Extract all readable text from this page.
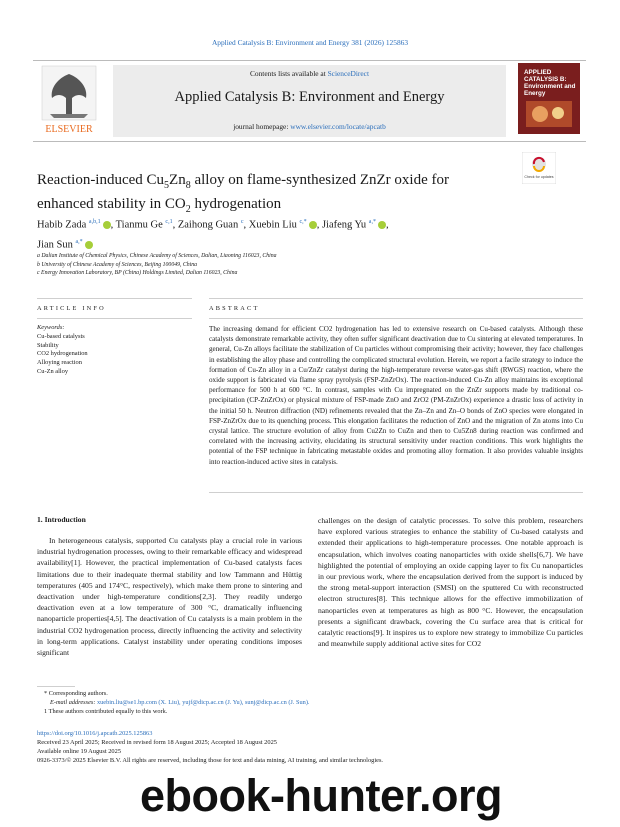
Applied Catalysis B: Environment and Energy 381 (2026) 125863
Contents lists available at ScienceDirect
Applied Catalysis B: Environment and Energy
journal homepage: www.elsevier.com/locate/apcatb
ELSEVIER
APPLIED CATALYSIS B: Environment and Energy
Check for updates
Reaction-induced $Cu_5Zn_8$ alloy on flame-synthesized ZnZr oxide for
enhanced stability in $CO_2$ hydrogenation
Habib Zada $^{a,b,1}$ , Tianmu Ge $^{c,1}$, Zaihong Guan $^c$, Xuebin Liu $^{c,*}$ , Jiafeng Yu $^{a,*}$ ,
Jian Sun $^{a,*}$
a Dalian Institute of Chemical Physics, Chinese Academy of Sciences, Dalian, Liaoning 116023, China
b University of Chinese Academy of Sciences, Beijing 100049, China
c Energy Innovation Laboratory, BP (China) Holdings Limited, Dalian 116023, China
ARTICLE INFO	ABSTRACT
Keywords:
Cu-based catalysts
Stability
CO2 hydrogenation
Alloying reaction
Cu-Zn alloy
The increasing demand for efficient CO2 hydrogenation has led to extensive research on Cu-based catalysts. Although these catalysts demonstrate remarkable activity, they often suffer significant deactivation due to Cu sintering at elevated temperatures. In general, Cu-Zn alloys facilitate the stabilization of Cu particles without compromising their activity; however, they face challenges in establishing the alloy phase and controlling the complicated structural evolution. Herein, we report a facile strategy to induce the formation of Cu-Zn alloy in a Cu/ZnZr catalyst during the high-temperature reverse water-gas shift (RWGS) reaction, where the oxide support is fabricated via flame spray pyrolysis (FSP-ZnZrOx). The reaction-induced Cu-Zn alloy maintains its exceptional performance for 500 h at 600 °C. In contrast, samples with Cu impregnated on the ZnZr supports made by traditional co-precipitation (CP-ZnZrOx) or physical mixture of FSP-made ZnO and ZrO2 (PM-ZnZrOx) experience a drastic loss of activity in the initial 50 h. Neutron diffraction (ND) refinements revealed that the Zn–Zn and Zn–O bonds of ZnO species were elongated in FSP-ZnZrOx due to its quenching process. This elongation facilitates the reduction of ZnO and the migration of Zn atoms into Cu crystal lattice. The structure evolution of alloy from Cu2Zn to CuZn and then to Cu5Zn8 during reaction was confirmed and correlated with the increasing activity, elucidating its structural sensitivity under reaction conditions. This work highlights the potential of the FSP technique in fabricating metastable oxides and promoting alloy formation. It also provides valuable insights into reaction-induced active sites in catalysis.
1. Introduction
In heterogeneous catalysis, supported Cu catalysts play a crucial role in various industrial hydrogenation processes, owing to their remarkable efficacy and widespread availability[1]. However, the practical implementation of Cu-based catalysts faces limitations due to their inadequate thermal stability and low Tammann and Hüttig temperatures (405 and 174°C, respectively), which make them prone to sintering and deactivation under high-temperature conditions[2,3]. They readily undergo deactivation even at a low temperature of 300 °C, dramatically influencing nanoparticle properties[4,5]. The deactivation of Cu catalysts is a main problem in the industrial CO2 hydrogenation process, directly influencing the activity and selectivity in long-term applications. Catalyst instability under operating conditions imposes significant
challenges on the design of catalytic processes. To solve this problem, researchers have explored various strategies to enhance the stability of Cu-based catalysts and extended their applications to high-temperature processes. One notable approach is encapsulation, which involves coating nanoparticles with oxide shells[6,7]. We have highlighted the potential of employing an oxide capping layer to fix Cu nanoparticles in our previous work, where the encapsulation derived from the support is induced by the strong metal-support interaction (SMSI) on the sputtered Cu with reconstructed electron structures[8]. This technique allows for the effective immobilization of nanoparticles even at temperatures as high as 800 °C. However, the encapsulation presents a significant drawback, covering the Cu surface area that is critical for catalytic reactions[9]. It inspires us to explore new strategy to immobilize Cu particles and meanwhile supply additional active sites for CO2
* Corresponding authors.
E-mail addresses: xuebin.liu@se1.bp.com (X. Liu), yujf@dicp.ac.cn (J. Yu), sunj@dicp.ac.cn (J. Sun).
1 These authors contributed equally to this work.
https://doi.org/10.1016/j.apcatb.2025.125863
Received 23 April 2025; Received in revised form 18 August 2025; Accepted 18 August 2025
Available online 19 August 2025
0926-3373/© 2025 Elsevier B.V. All rights are reserved, including those for text and data mining, AI training, and similar technologies.
ebook-hunter.org
